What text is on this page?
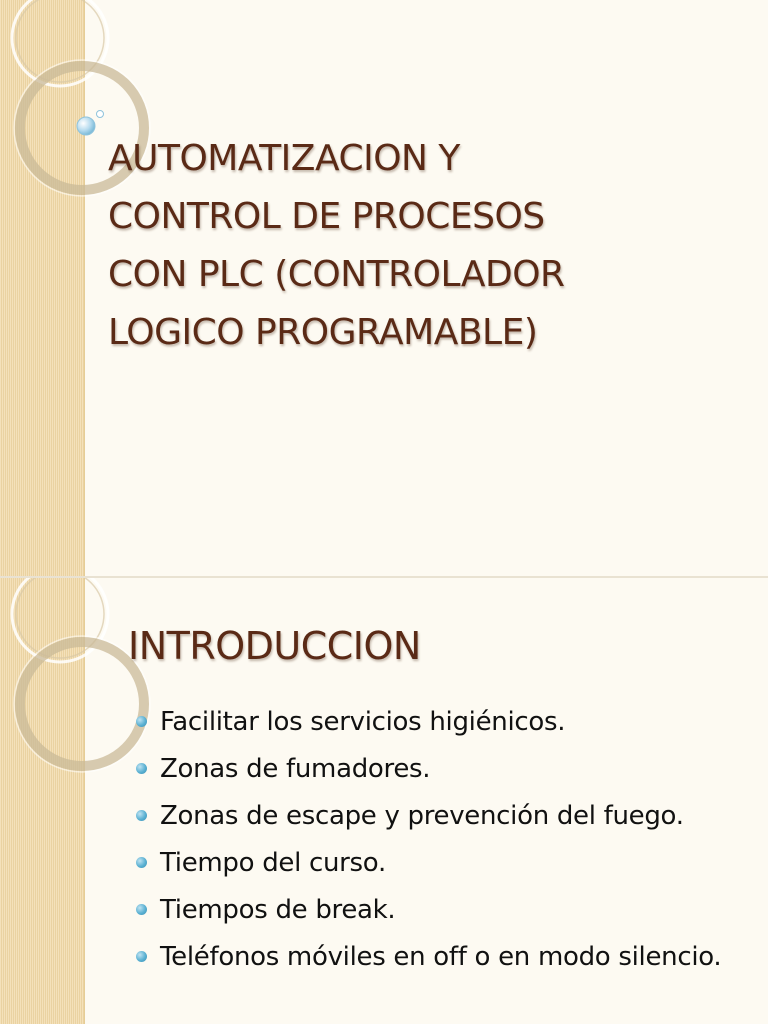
AUTOMATIZACION Y
CONTROL DE PROCESOS
CON PLC (CONTROLADOR
LOGICO PROGRAMABLE)
INTRODUCCION
Facilitar los servicios higiénicos.
Zonas de fumadores.
Zonas de escape y prevención del fuego.
Tiempo del curso.
Tiempos de break.
Teléfonos móviles en off o en modo silencio.
